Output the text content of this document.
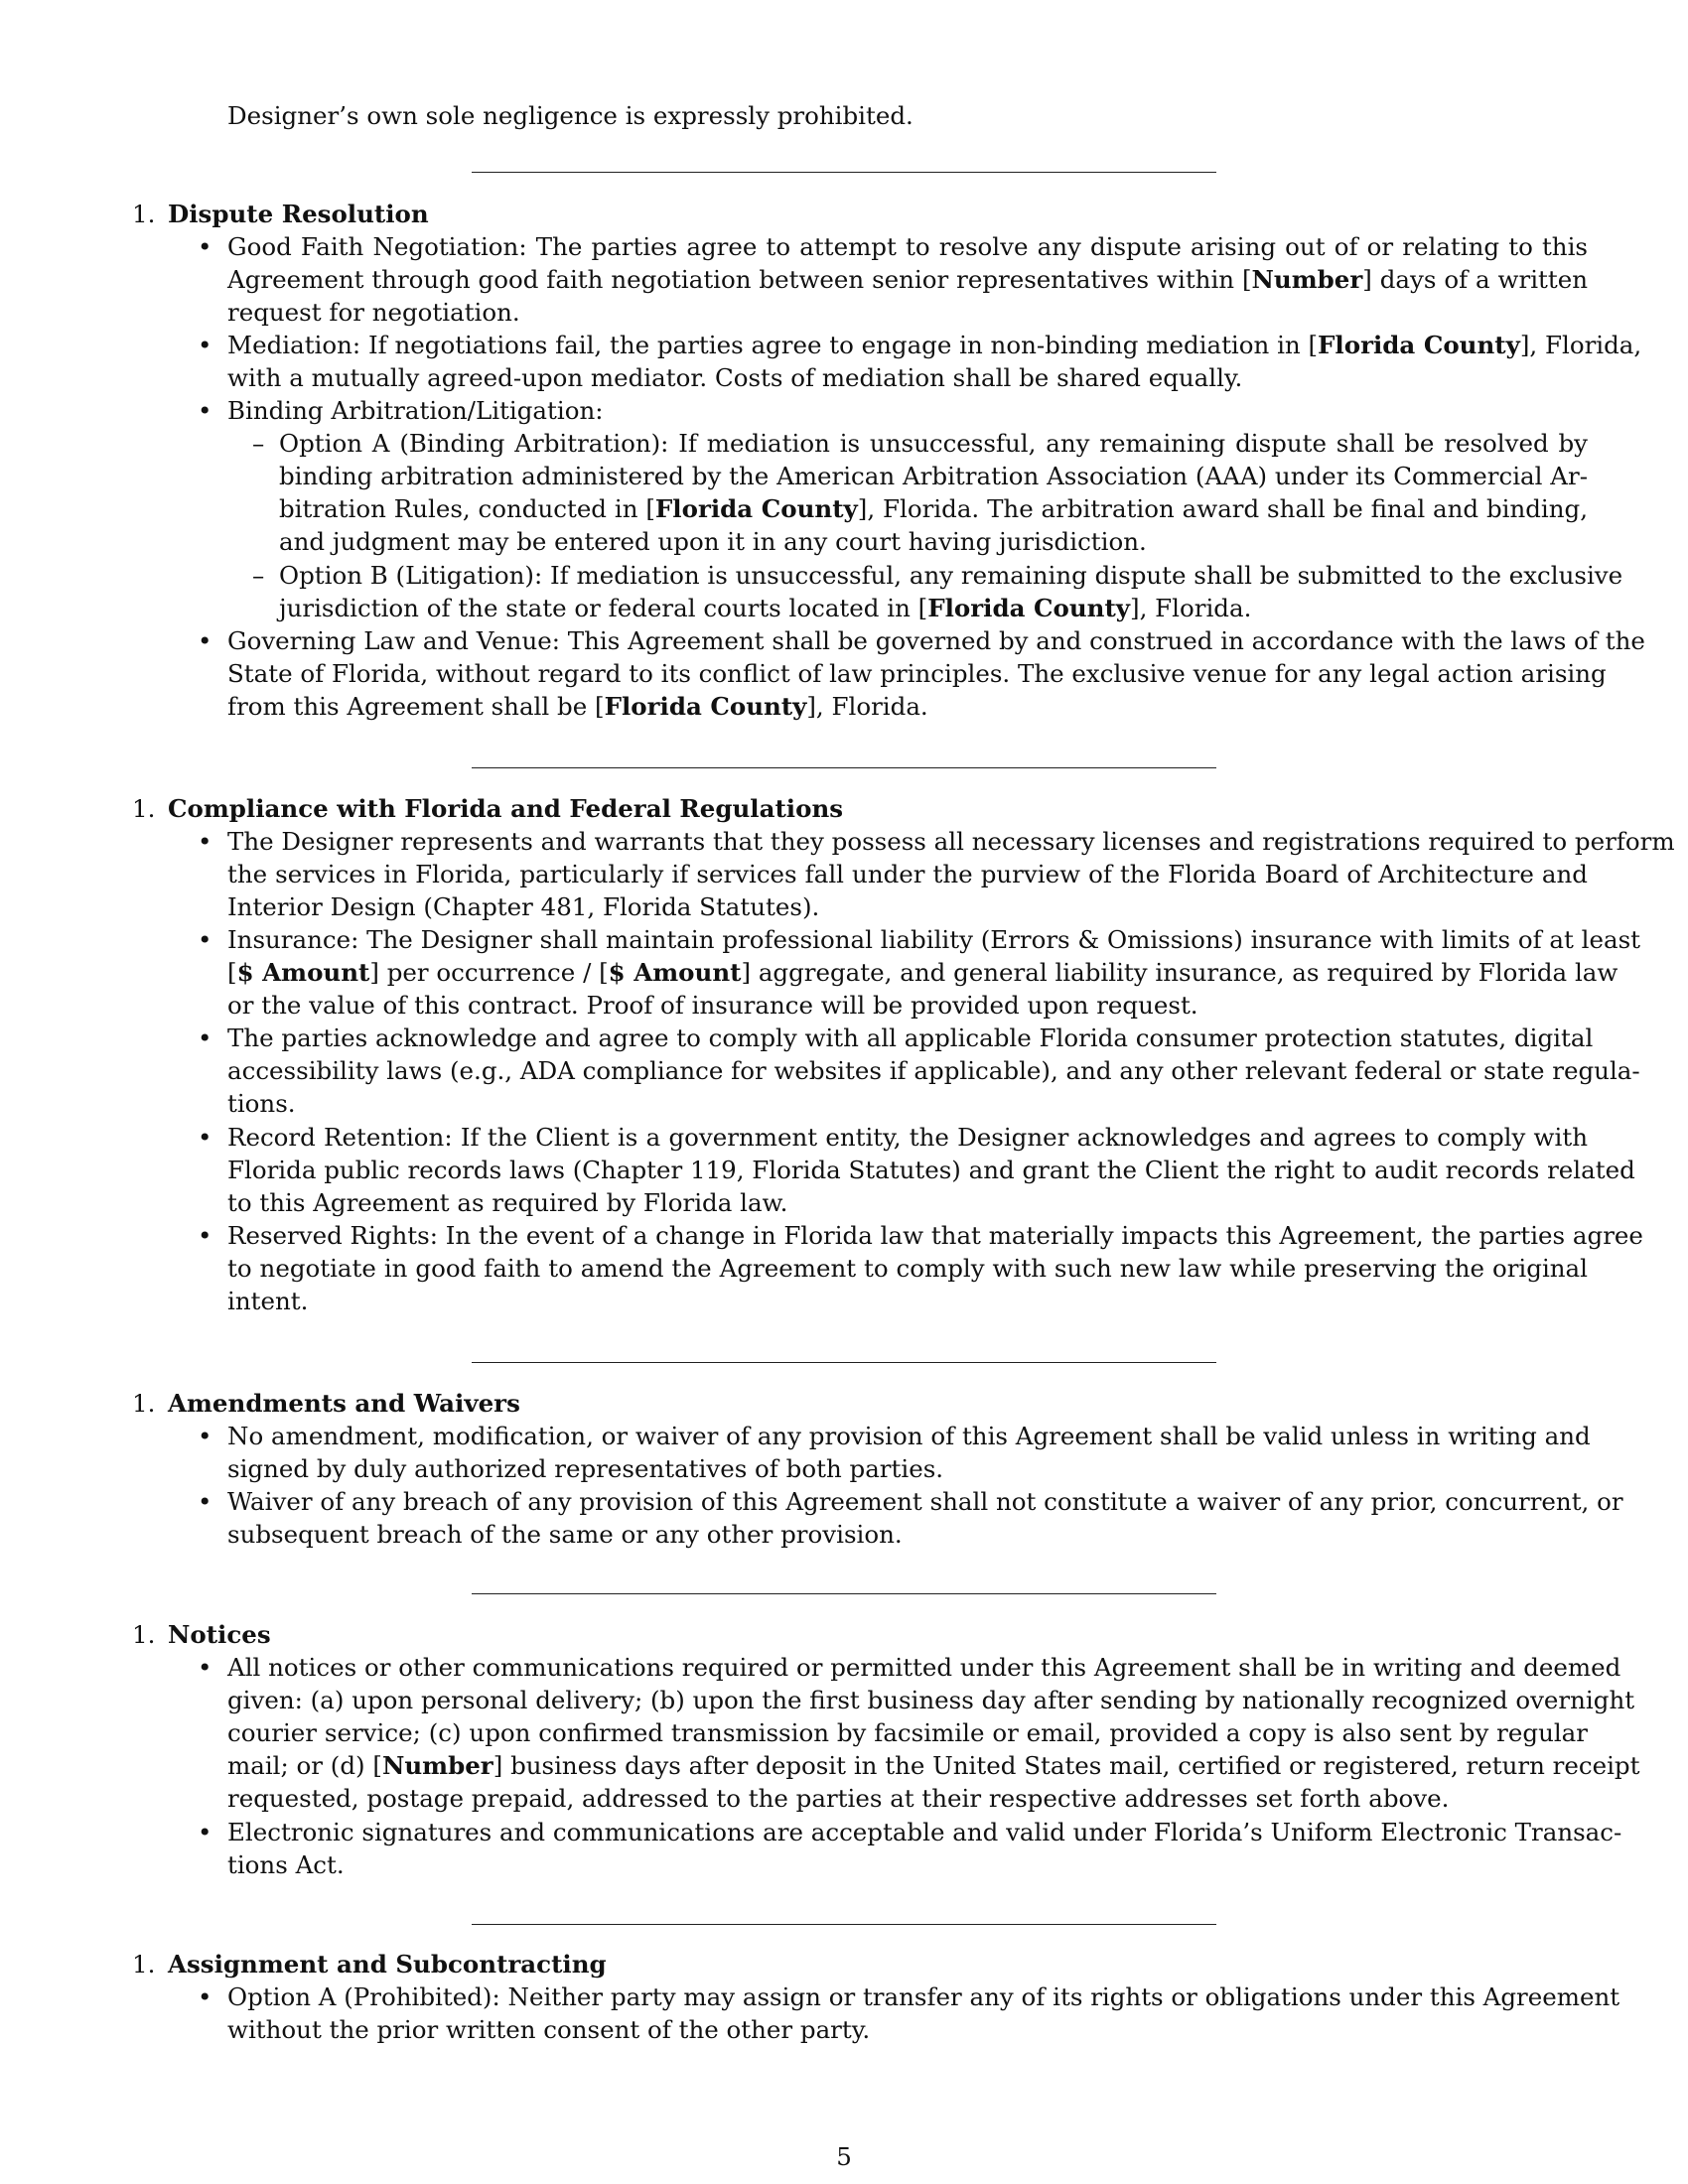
Designer’s own sole negligence is expressly prohibited.
1. Dispute Resolution
• Good Faith Negotiation: The parties agree to attempt to resolve any dispute arising out of or relating to this
Agreement through good faith negotiation between senior representatives within [Number] days of a written
request for negotiation.
• Mediation: If negotiations fail, the parties agree to engage in non-binding mediation in [Florida County], Florida,
with a mutually agreed-upon mediator. Costs of mediation shall be shared equally.
• Binding Arbitration/Litigation:
– Option A (Binding Arbitration): If mediation is unsuccessful, any remaining dispute shall be resolved by
binding arbitration administered by the American Arbitration Association (AAA) under its Commercial Ar-
bitration Rules, conducted in [Florida County], Florida. The arbitration award shall be final and binding,
and judgment may be entered upon it in any court having jurisdiction.
– Option B (Litigation): If mediation is unsuccessful, any remaining dispute shall be submitted to the exclusive
jurisdiction of the state or federal courts located in [Florida County], Florida.
• Governing Law and Venue: This Agreement shall be governed by and construed in accordance with the laws of the
State of Florida, without regard to its conflict of law principles. The exclusive venue for any legal action arising
from this Agreement shall be [Florida County], Florida.
1. Compliance with Florida and Federal Regulations
• The Designer represents and warrants that they possess all necessary licenses and registrations required to perform
the services in Florida, particularly if services fall under the purview of the Florida Board of Architecture and
Interior Design (Chapter 481, Florida Statutes).
• Insurance: The Designer shall maintain professional liability (Errors & Omissions) insurance with limits of at least
[$ Amount] per occurrence / [$ Amount] aggregate, and general liability insurance, as required by Florida law
or the value of this contract. Proof of insurance will be provided upon request.
• The parties acknowledge and agree to comply with all applicable Florida consumer protection statutes, digital
accessibility laws (e.g., ADA compliance for websites if applicable), and any other relevant federal or state regula-
tions.
• Record Retention: If the Client is a government entity, the Designer acknowledges and agrees to comply with
Florida public records laws (Chapter 119, Florida Statutes) and grant the Client the right to audit records related
to this Agreement as required by Florida law.
• Reserved Rights: In the event of a change in Florida law that materially impacts this Agreement, the parties agree
to negotiate in good faith to amend the Agreement to comply with such new law while preserving the original
intent.
1. Amendments and Waivers
• No amendment, modification, or waiver of any provision of this Agreement shall be valid unless in writing and
signed by duly authorized representatives of both parties.
• Waiver of any breach of any provision of this Agreement shall not constitute a waiver of any prior, concurrent, or
subsequent breach of the same or any other provision.
1. Notices
• All notices or other communications required or permitted under this Agreement shall be in writing and deemed
given: (a) upon personal delivery; (b) upon the first business day after sending by nationally recognized overnight
courier service; (c) upon confirmed transmission by facsimile or email, provided a copy is also sent by regular
mail; or (d) [Number] business days after deposit in the United States mail, certified or registered, return receipt
requested, postage prepaid, addressed to the parties at their respective addresses set forth above.
• Electronic signatures and communications are acceptable and valid under Florida’s Uniform Electronic Transac-
tions Act.
1. Assignment and Subcontracting
• Option A (Prohibited): Neither party may assign or transfer any of its rights or obligations under this Agreement
without the prior written consent of the other party.
5
